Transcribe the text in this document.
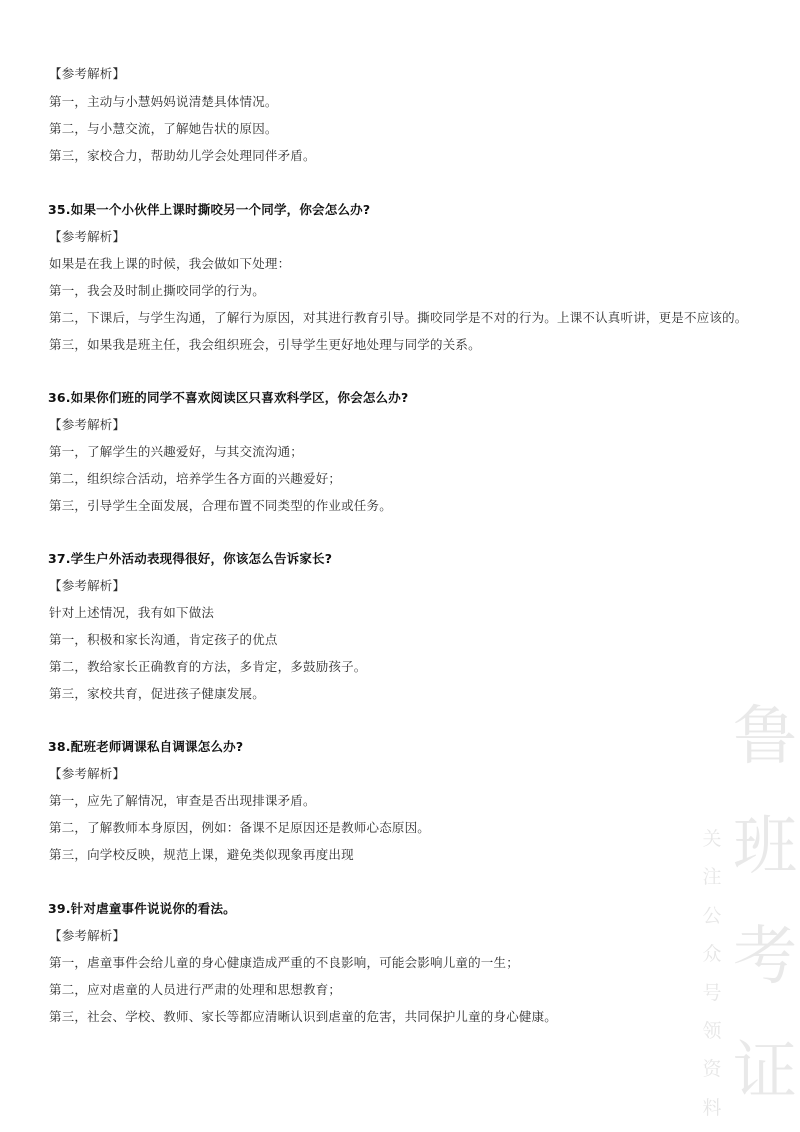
【参考解析】
第一，主动与小慧妈妈说清楚具体情况。
第二，与小慧交流，了解她告状的原因。
第三，家校合力，帮助幼儿学会处理同伴矛盾。
35.如果一个小伙伴上课时撕咬另一个同学，你会怎么办?
【参考解析】
如果是在我上课的时候，我会做如下处理：
第一，我会及时制止撕咬同学的行为。
第二，下课后，与学生沟通，了解行为原因，对其进行教育引导。撕咬同学是不对的行为。上课不认真听讲，更是不应该的。
第三，如果我是班主任，我会组织班会，引导学生更好地处理与同学的关系。
36.如果你们班的同学不喜欢阅读区只喜欢科学区，你会怎么办?
【参考解析】
第一，了解学生的兴趣爱好，与其交流沟通；
第二，组织综合活动，培养学生各方面的兴趣爱好；
第三，引导学生全面发展，合理布置不同类型的作业或任务。
37.学生户外活动表现得很好，你该怎么告诉家长?
【参考解析】
针对上述情况，我有如下做法
第一，积极和家长沟通，肯定孩子的优点
第二，教给家长正确教育的方法，多肯定，多鼓励孩子。
第三，家校共育，促进孩子健康发展。
38.配班老师调课私自调课怎么办?
【参考解析】
第一，应先了解情况，审查是否出现排课矛盾。
第二，了解教师本身原因，例如：备课不足原因还是教师心态原因。
第三，向学校反映，规范上课，避免类似现象再度出现
39.针对虐童事件说说你的看法。
【参考解析】
第一，虐童事件会给儿童的身心健康造成严重的不良影响，可能会影响儿童的一生；
第二，应对虐童的人员进行严肃的处理和思想教育；
第三，社会、学校、教师、家长等都应清晰认识到虐童的危害，共同保护儿童的身心健康。
鲁
班
考
证
关
注
公
众
号
领
资
料
